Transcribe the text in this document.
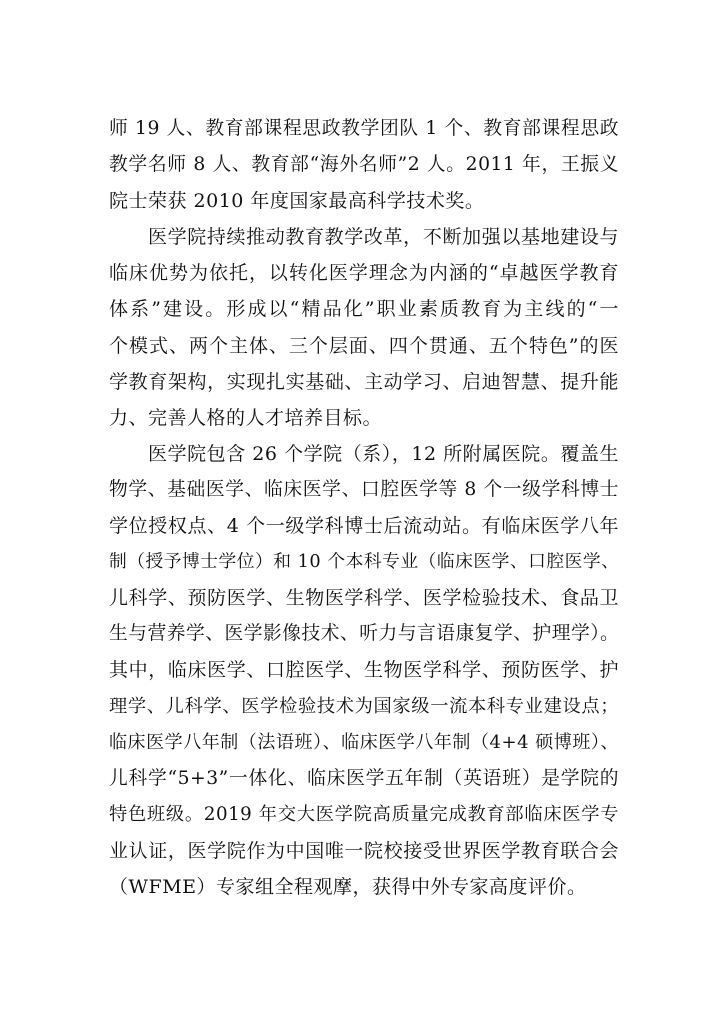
师 19 人、教育部课程思政教学团队 1 个、教育部课程思政
教学名师 8 人、教育部“海外名师”2 人。2011 年，王振义
院士荣获 2010 年度国家最高科学技术奖。
医学院持续推动教育教学改革，不断加强以基地建设与
临床优势为依托，以转化医学理念为内涵的“卓越医学教育
体系”建设。形成以“精品化”职业素质教育为主线的“一
个模式、两个主体、三个层面、四个贯通、五个特色”的医
学教育架构，实现扎实基础、主动学习、启迪智慧、提升能
力、完善人格的人才培养目标。
医学院包含 26 个学院（系），12 所附属医院。覆盖生
物学、基础医学、临床医学、口腔医学等 8 个一级学科博士
学位授权点、4 个一级学科博士后流动站。有临床医学八年
制（授予博士学位）和 10 个本科专业（临床医学、口腔医学、
儿科学、预防医学、生物医学科学、医学检验技术、食品卫
生与营养学、医学影像技术、听力与言语康复学、护理学）。
其中，临床医学、口腔医学、生物医学科学、预防医学、护
理学、儿科学、医学检验技术为国家级一流本科专业建设点；
临床医学八年制（法语班）、临床医学八年制（4+4 硕博班）、
儿科学“5+3”一体化、临床医学五年制（英语班）是学院的
特色班级。2019 年交大医学院高质量完成教育部临床医学专
业认证，医学院作为中国唯一院校接受世界医学教育联合会
（WFME）专家组全程观摩，获得中外专家高度评价。
